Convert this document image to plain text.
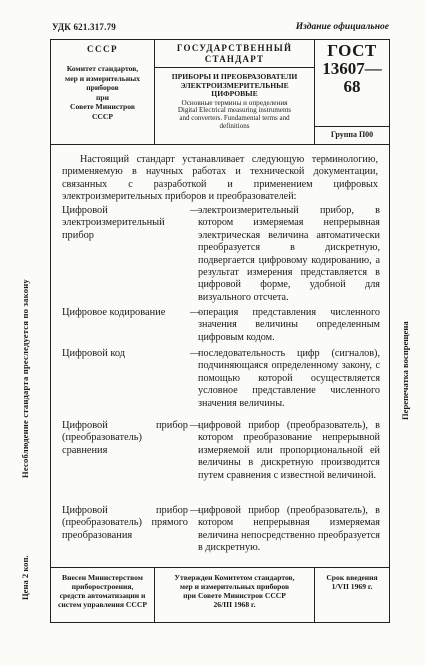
УДК 621.317.79	Издание официальное
СССР
Комитет стандартов,
мер и измерительных
приборов
при
Совете Министров
СССР
ГОСУДАРСТВЕННЫЙ
СТАНДАРТ
ПРИБОРЫ И ПРЕОБРАЗОВАТЕЛИ
ЭЛЕКТРОИЗМЕРИТЕЛЬНЫЕ
ЦИФРОВЫЕ
Основные термины и определения
Digital Electrical measuring instruments
and converters. Fundamental terms and
definitions
ГОСТ
13607—68
Группа П00
Настоящий стандарт устанавливает следующую терминологию, применяемую в научных работах и технической документации, связанных с разработкой и применением цифровых электроизмерительных приборов и преобразователей:
Цифровой электроизмерительный прибор
—
электроизмерительный прибор, в котором измеряемая непрерывная электрическая величина автоматически преобразуется в дискретную, подвергается цифровому кодированию, а результат измерения представляется в цифровой форме, удобной для визуального отсчета.
Цифровое кодирование	—
операция представления численного значения величины определенным цифровым кодом.
Цифровой код	—
последовательность цифр (сигналов), подчиняющаяся определенному закону, с помощью которой осуществляется условное представление численного значения величины.
Цифровой прибор (преобразователь) сравнения
—
цифровой прибор (преобразователь), в котором преобразование непрерывной измеряемой или пропорциональной ей величины в дискретную производится путем сравнения с известной величиной.
Цифровой прибор (преобразователь) прямого преобразования
—
цифровой прибор (преобразователь), в котором непрерывная измеряемая величина непосредственно преобразуется в дискретную.
Внесен Министерством
приборостроения,
средств автоматизации и
систем управления СССР
Утвержден Комитетом стандартов,
мер и измерительных приборов
при Совете Министров СССР
26/III 1968 г.
Срок введения
1/VII 1969 г.
Несоблюдение стандарта преследуется по закону
Цена 2 коп.
Перепечатка воспрещена
